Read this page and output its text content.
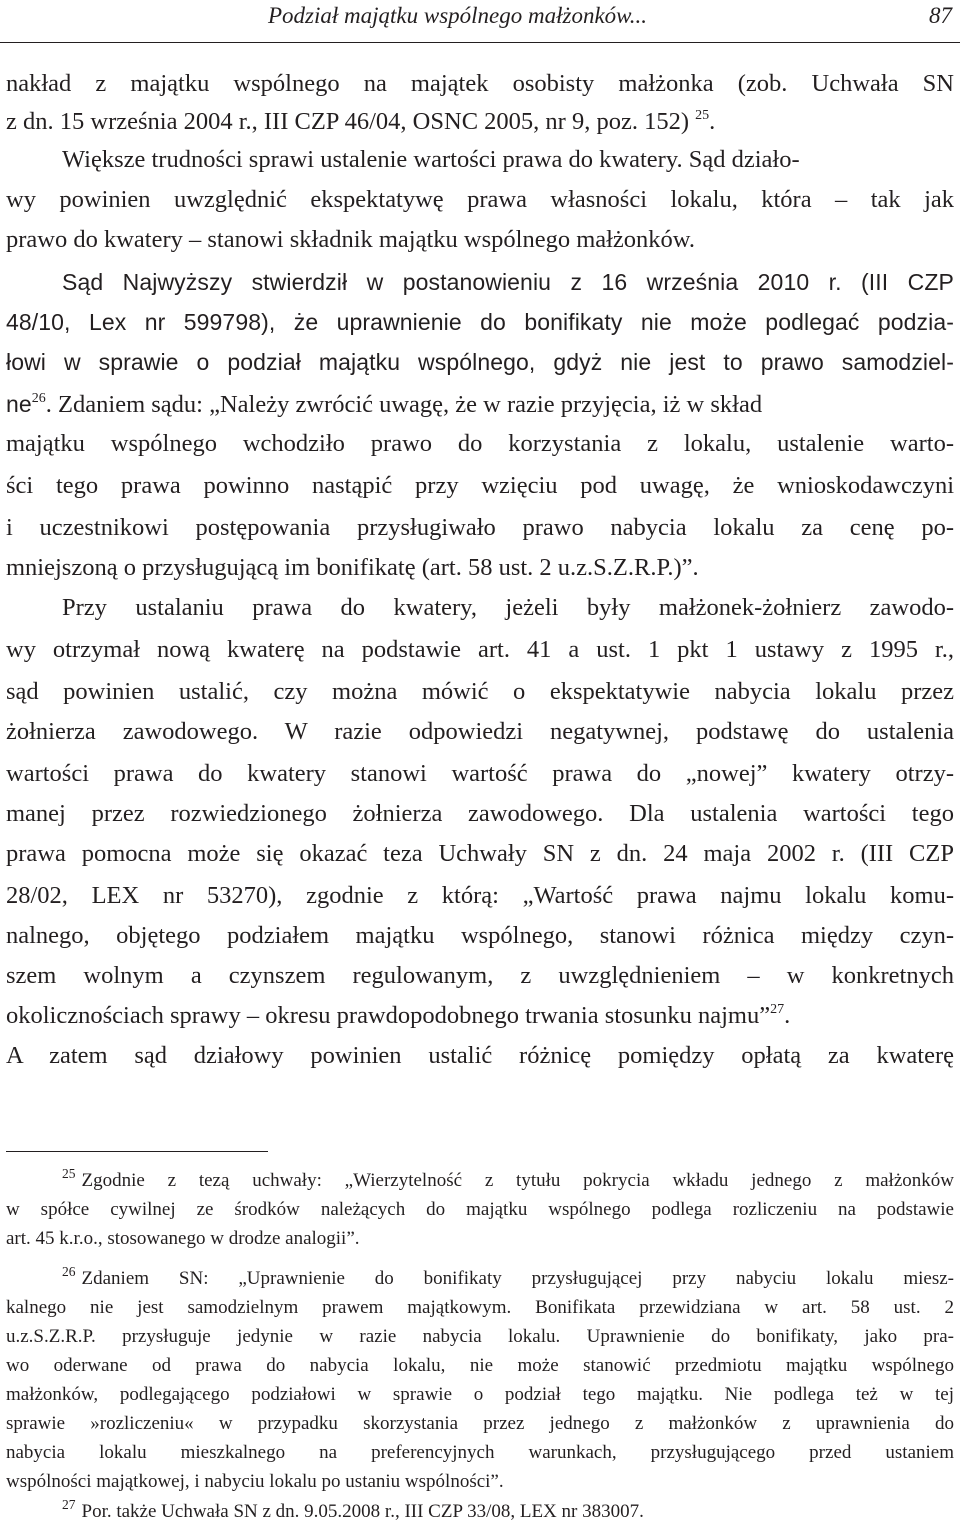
Podział majątku wspólnego małżonków...	87
nakład z majątku wspólnego na majątek osobisty małżonka (zob. Uchwała SN
z dn. 15 września 2004 r., III CZP 46/04, OSNC 2005, nr 9, poz. 152) $^{25}$.
Większe trudności sprawi ustalenie wartości prawa do kwatery. Sąd działo-
wy powinien uwzględnić ekspektatywę prawa własności lokalu, która – tak jak
prawo do kwatery – stanowi składnik majątku wspólnego małżonków.
Sąd Najwyższy stwierdził w postanowieniu z 16 września 2010 r. (III CZP
48/10, Lex nr 599798), że uprawnienie do bonifikaty nie może podlegać podzia-
łowi w sprawie o podział majątku wspólnego, gdyż nie jest to prawo samodziel-
$ne^{26}$. Zdaniem sądu: „Należy zwrócić uwagę, że w razie przyjęcia, iż w skład
majątku wspólnego wchodziło prawo do korzystania z lokalu, ustalenie warto-
ści tego prawa powinno nastąpić przy wzięciu pod uwagę, że wnioskodawczyni
i uczestnikowi postępowania przysługiwało prawo nabycia lokalu za cenę po-
mniejszoną o przysługującą im bonifikatę (art. 58 ust. 2 u.z.S.Z.R.P.)”.
Przy ustalaniu prawa do kwatery, jeżeli były małżonek-żołnierz zawodo-
wy otrzymał nową kwaterę na podstawie art. 41 a ust. 1 pkt 1 ustawy z 1995 r.,
sąd powinien ustalić, czy można mówić o ekspektatywie nabycia lokalu przez
żołnierza zawodowego. W razie odpowiedzi negatywnej, podstawę do ustalenia
wartości prawa do kwatery stanowi wartość prawa do „nowej” kwatery otrzy-
manej przez rozwiedzionego żołnierza zawodowego. Dla ustalenia wartości tego
prawa pomocna może się okazać teza Uchwały SN z dn. 24 maja 2002 r. (III CZP
28/02, LEX nr 53270), zgodnie z którą: „Wartość prawa najmu lokalu komu-
nalnego, objętego podziałem majątku wspólnego, stanowi różnica między czyn-
szem wolnym a czynszem regulowanym, z uwzględnieniem – w konkretnych
okolicznościach sprawy – okresu prawdopodobnego trwania stosunku najmu”$^{27}$.
A zatem sąd działowy powinien ustalić różnicę pomiędzy opłatą za kwaterę
$^{25}$ Zgodnie z tezą uchwały: „Wierzytelność z tytułu pokrycia wkładu jednego z małżonków
w spółce cywilnej ze środków należących do majątku wspólnego podlega rozliczeniu na podstawie
art. 45 k.r.o., stosowanego w drodze analogii”.
$^{26}$ Zdaniem SN: „Uprawnienie do bonifikaty przysługującej przy nabyciu lokalu miesz-
kalnego nie jest samodzielnym prawem majątkowym. Bonifikata przewidziana w art. 58 ust. 2
u.z.S.Z.R.P. przysługuje jedynie w razie nabycia lokalu. Uprawnienie do bonifikaty, jako pra-
wo oderwane od prawa do nabycia lokalu, nie może stanowić przedmiotu majątku wspólnego
małżonków, podlegającego podziałowi w sprawie o podział tego majątku. Nie podlega też w tej
sprawie »rozliczeniu« w przypadku skorzystania przez jednego z małżonków z uprawnienia do
nabycia lokalu mieszkalnego na preferencyjnych warunkach, przysługującego przed ustaniem
wspólności majątkowej, i nabyciu lokalu po ustaniu wspólności”.
$^{27}$ Por. także Uchwała SN z dn. 9.05.2008 r., III CZP 33/08, LEX nr 383007.
